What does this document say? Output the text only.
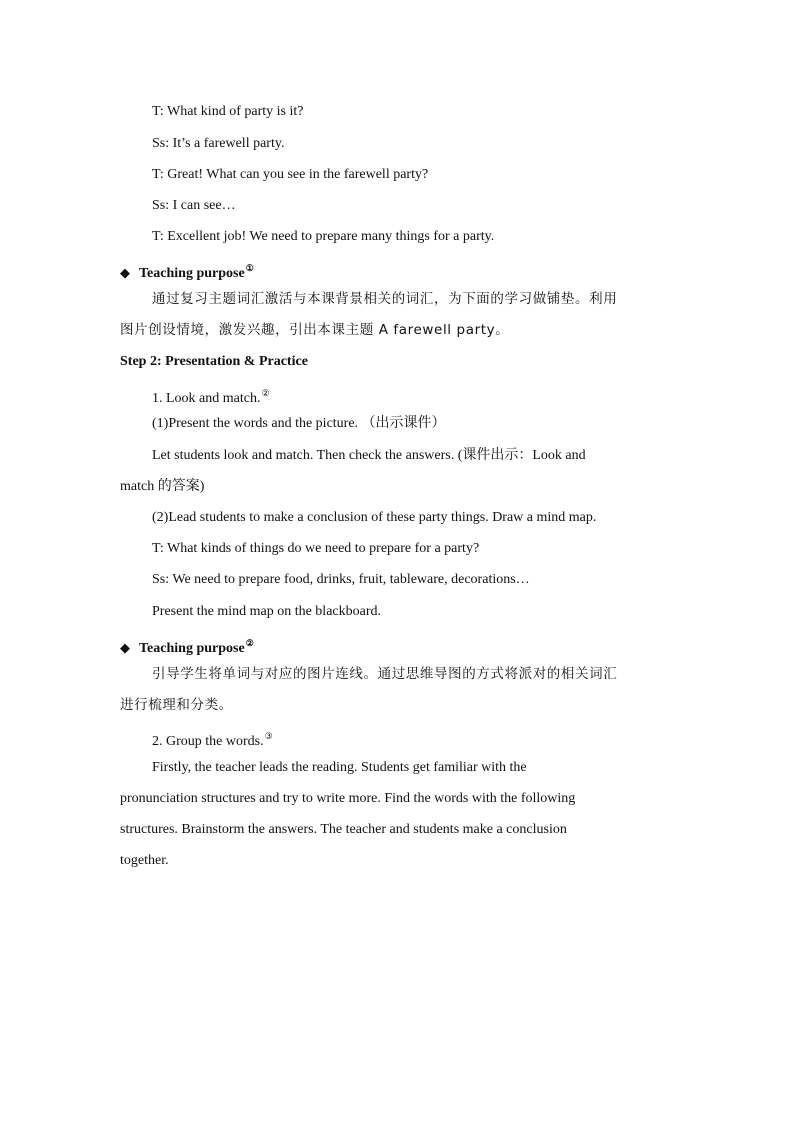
T: What kind of party is it?
Ss: It’s a farewell party.
T: Great! What can you see in the farewell party?
Ss: I can see…
T: Excellent job! We need to prepare many things for a party.
◆ Teaching purpose①
通过复习主题词汇激活与本课背景相关的词汇，为下面的学习做铺垫。利用
图片创设情境，激发兴趣，引出本课主题 A farewell party。
Step 2: Presentation & Practice
1. Look and match.②
(1)Present the words and the picture. （出示课件）
Let students look and match. Then check the answers. (课件出示：Look and
match 的答案)
(2)Lead students to make a conclusion of these party things. Draw a mind map.
T: What kinds of things do we need to prepare for a party?
Ss: We need to prepare food, drinks, fruit, tableware, decorations…
Present the mind map on the blackboard.
◆ Teaching purpose②
引导学生将单词与对应的图片连线。通过思维导图的方式将派对的相关词汇
进行梳理和分类。
2. Group the words.③
Firstly, the teacher leads the reading. Students get familiar with the
pronunciation structures and try to write more. Find the words with the following
structures. Brainstorm the answers. The teacher and students make a conclusion
together.
